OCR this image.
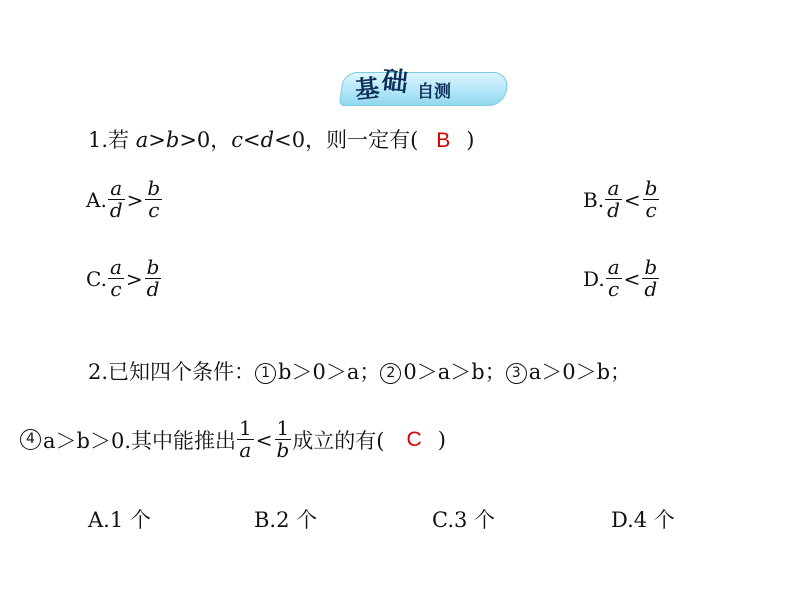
基 础 自测
1.若 a>b>0，c<d<0，则一定有( B )
A. $\frac{a}{d} > \frac{b}{c}$	B. $\frac{a}{d} < \frac{b}{c}$
C. $\frac{a}{c} > \frac{b}{d}$	D. $\frac{a}{c} < \frac{b}{d}$
2.已知四个条件： 1 b＞0＞a； 2 0＞a＞b； 3 a＞0＞b；
4 a＞b＞0.其中能推出 $\frac{1}{a} < \frac{1}{b}$ 成立的有( C )
A.1 个	B.2 个	C.3 个	D.4 个
